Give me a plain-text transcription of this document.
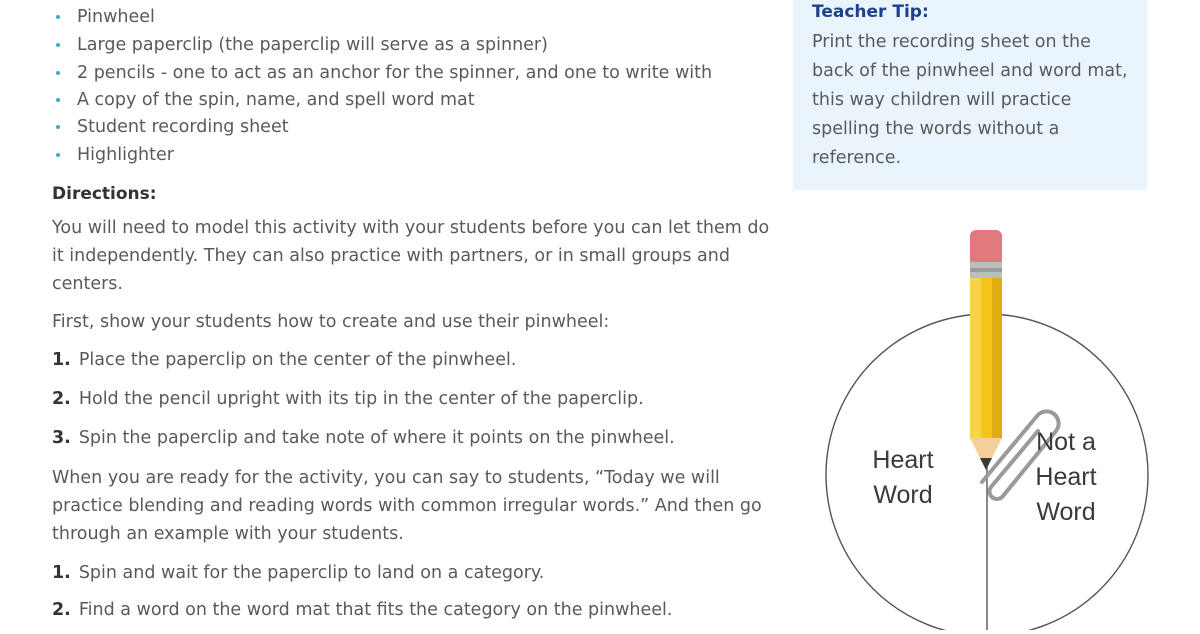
Pinwheel
Large paperclip (the paperclip will serve as a spinner)
2 pencils - one to act as an anchor for the spinner, and one to write with
A copy of the spin, name, and spell word mat
Student recording sheet
Highlighter
Directions:
You will need to model this activity with your students before you can let them do it independently. They can also practice with partners, or in small groups and centers.
First, show your students how to create and use their pinwheel:
1. Place the paperclip on the center of the pinwheel.
2. Hold the pencil upright with its tip in the center of the paperclip.
3. Spin the paperclip and take note of where it points on the pinwheel.
When you are ready for the activity, you can say to students, “Today we will practice blending and reading words with common irregular words.” And then go through an example with your students.
1. Spin and wait for the paperclip to land on a category.
2. Find a word on the word mat that fits the category on the pinwheel.
Teacher Tip:
Print the recording sheet on the back of the pinwheel and word mat, this way children will practice spelling the words without a reference.
Heart
Word
Not a
Heart
Word
